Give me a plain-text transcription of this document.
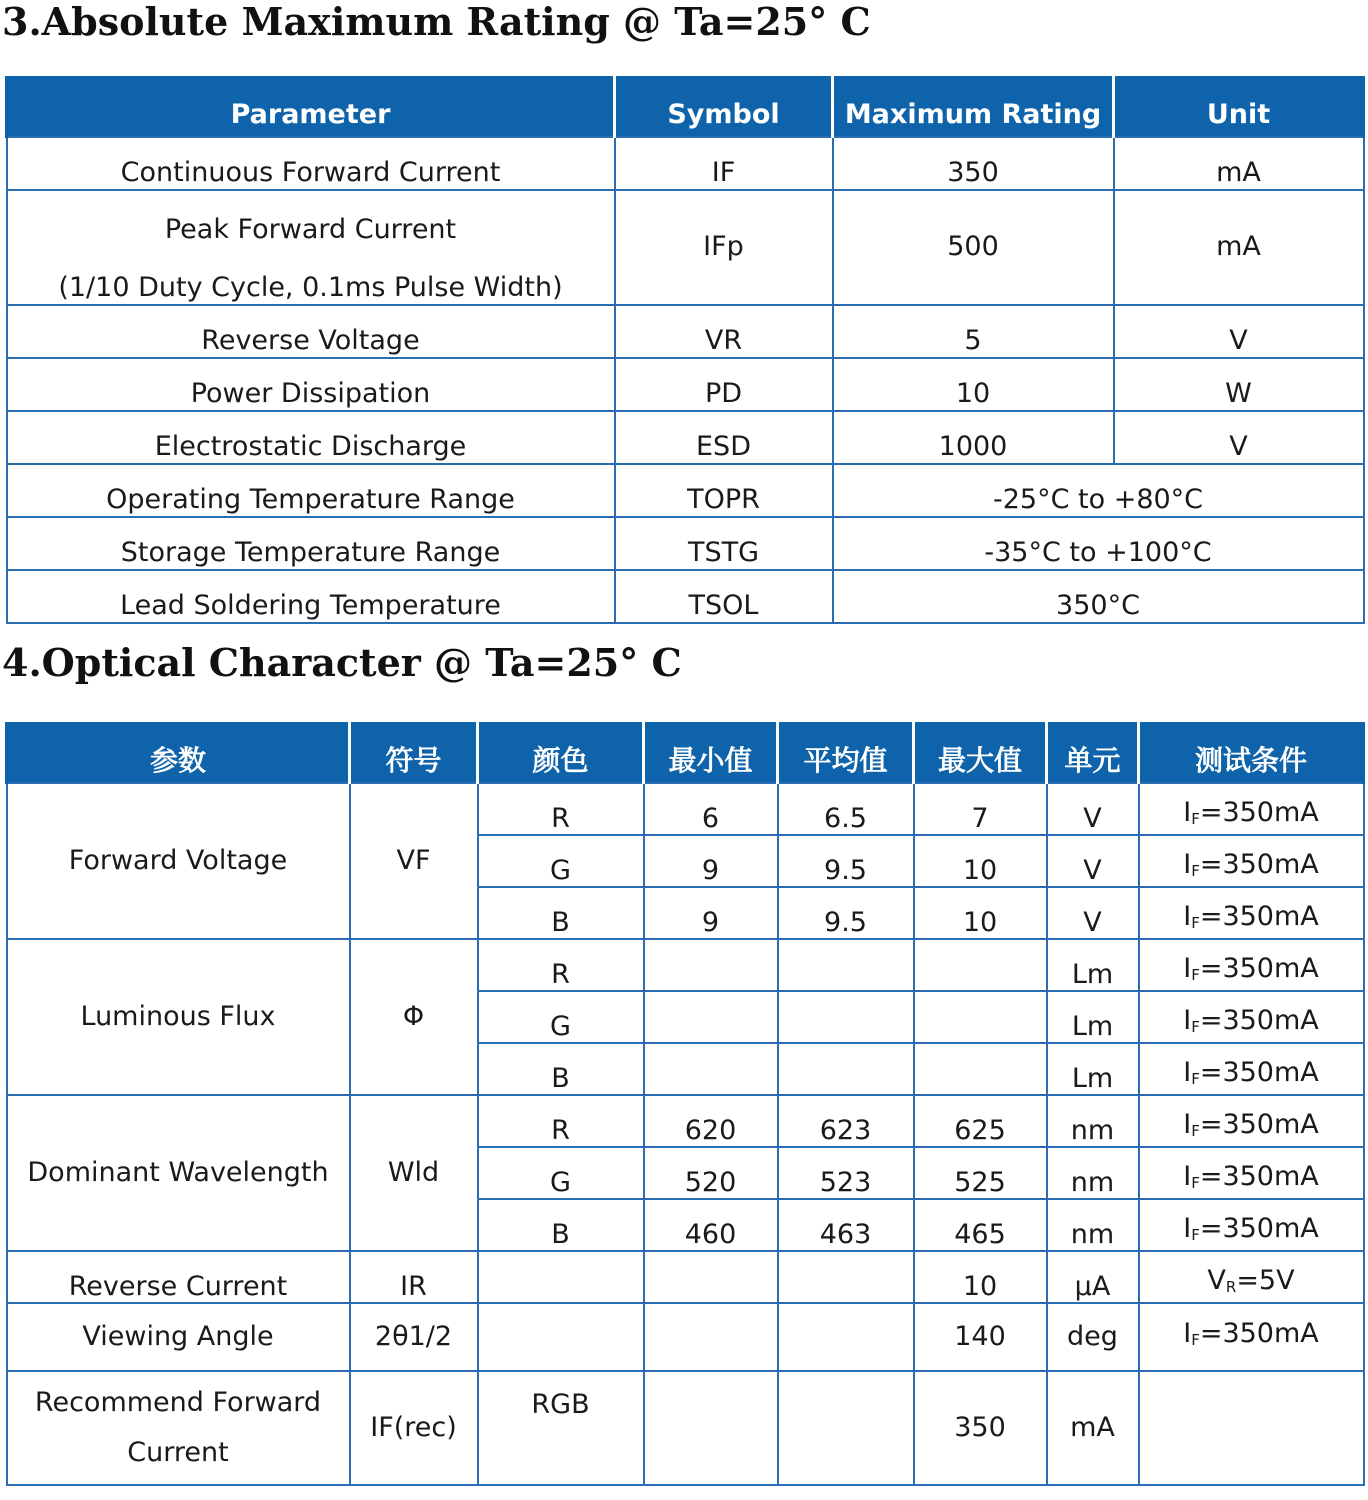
3.Absolute Maximum Rating @ Ta=25° C
Parameter	Symbol	Maximum Rating	Unit
Continuous Forward Current	IF	350	mA

Peak Forward Current
(1/10 Duty Cycle, 0.1ms Pulse Width)	IFp	500	mA
Reverse Voltage	VR	5	V
Power Dissipation	PD	10	W
Electrostatic Discharge	ESD	1000	V
Operating Temperature Range	TOPR	-25°C to +80°C	
Storage Temperature Range	TSTG	-35°C to +100°C	
Lead Soldering Temperature	TSOL	350°C	
4.Optical Character @ Ta=25° C
参数	符号	颜色	最小值	平均值	最大值	单元	测试条件
Forward Voltage	VF	R	6	6.5	7	V	$I_F=350mA$
		G	9	9.5	10	V	$I_F=350mA$
		B	9	9.5	10	V	$I_F=350mA$
Luminous Flux	Φ	R				Lm	$I_F=350mA$
		G				Lm	$I_F=350mA$
		B				Lm	$I_F=350mA$
Dominant Wavelength	Wld	R	620	623	625	nm	$I_F=350mA$
		G	520	523	525	nm	$I_F=350mA$
		B	460	463	465	nm	$I_F=350mA$
Reverse Current	IR				10	μA	$V_R=5V$
Viewing Angle	2θ1/2				140	deg	$I_F=350mA$
Recommend Forward Current	IF(rec)	RGB			350	mA	
